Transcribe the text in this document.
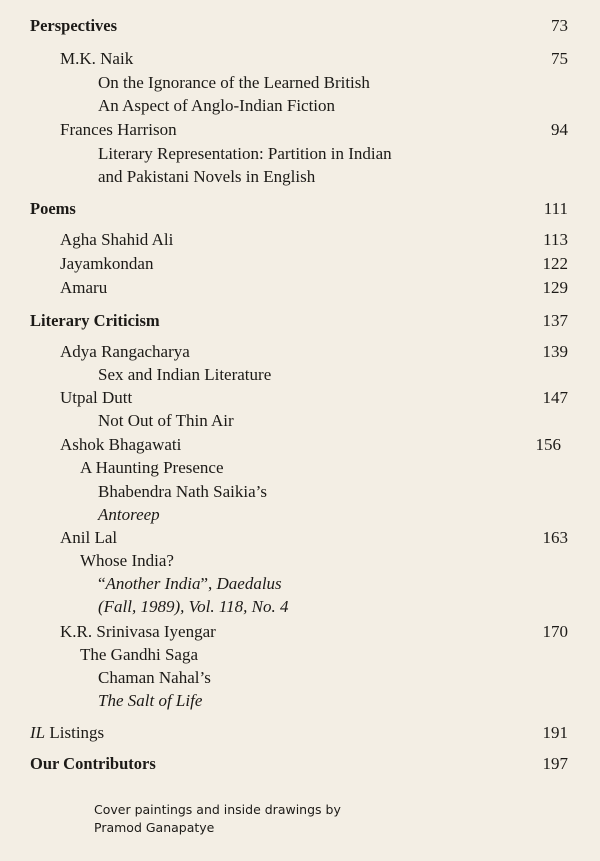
Perspectives	73
M.K. Naik	75
On the Ignorance of the Learned British
An Aspect of Anglo-Indian Fiction
Frances Harrison	94
Literary Representation: Partition in Indian
and Pakistani Novels in English
Poems	111
Agha Shahid Ali	113
Jayamkondan	122
Amaru	129
Literary Criticism	137
Adya Rangacharya	139
Sex and Indian Literature
Utpal Dutt	147
Not Out of Thin Air
Ashok Bhagawati	156
A Haunting Presence
Bhabendra Nath Saikia’s
Antoreep
Anil Lal	163
Whose India?
“Another India”, Daedalus
(Fall, 1989), Vol. 118, No. 4
K.R. Srinivasa Iyengar	170
The Gandhi Saga
Chaman Nahal’s
The Salt of Life
IL Listings	191
Our Contributors	197
Cover paintings and inside drawings by
Pramod Ganapatye
